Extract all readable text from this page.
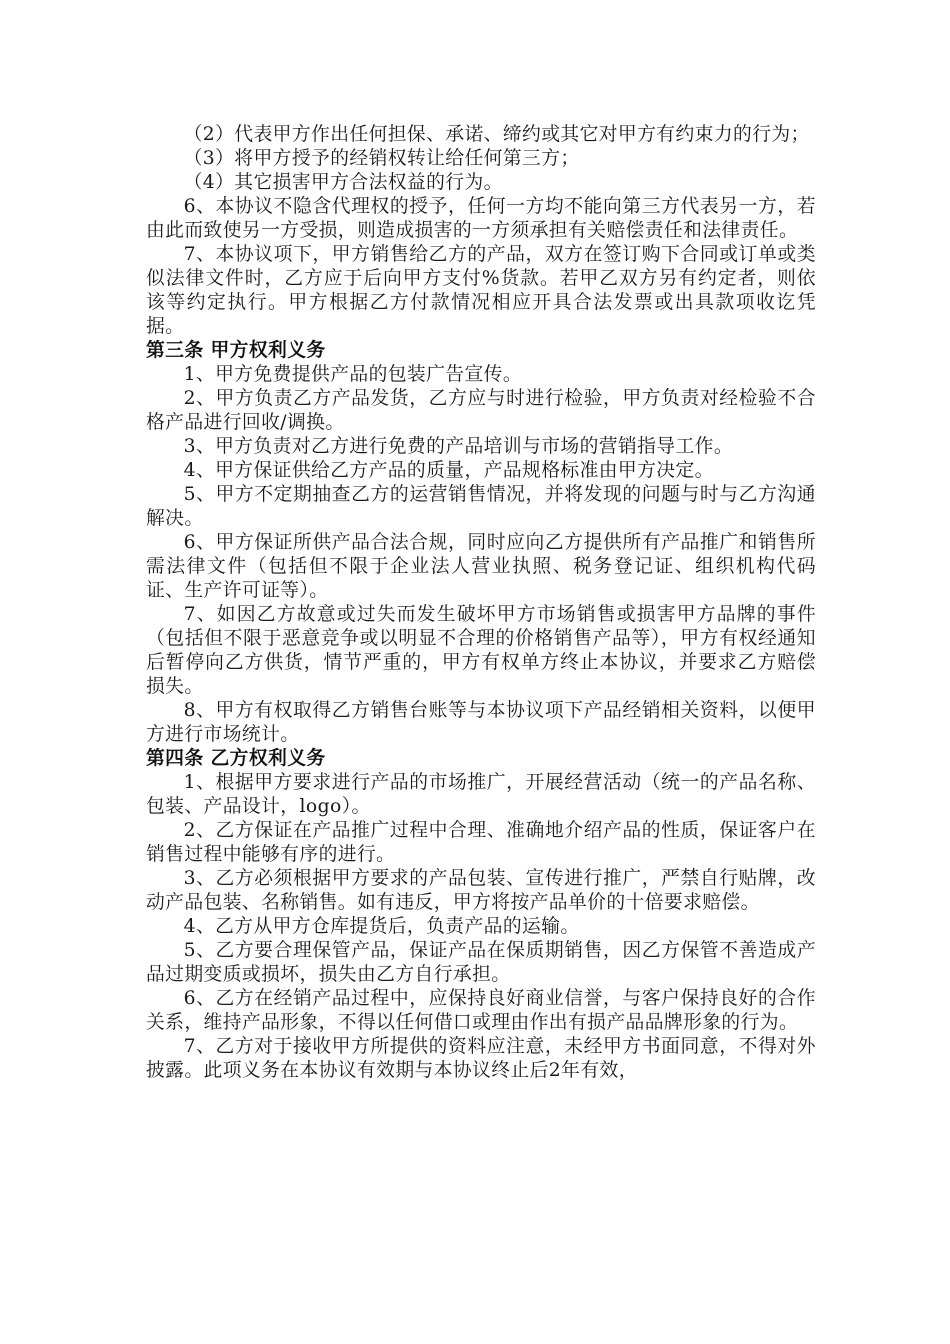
（2）代表甲方作出任何担保、承诺、缔约或其它对甲方有约束力的行为；

（3）将甲方授予的经销权转让给任何第三方；

（4）其它损害甲方合法权益的行为。

6、本协议不隐含代理权的授予，任何一方均不能向第三方代表另一方，若由此而致使另一方受损，则造成损害的一方须承担有关赔偿责任和法律责任。

7、本协议项下，甲方销售给乙方的产品，双方在签订购下合同或订单或类似法律文件时，乙方应于后向甲方支付%货款。若甲乙双方另有约定者，则依该等约定执行。甲方根据乙方付款情况相应开具合法发票或出具款项收讫凭据。

第三条 甲方权利义务

1、甲方免费提供产品的包装广告宣传。

2、甲方负责乙方产品发货，乙方应与时进行检验，甲方负责对经检验不合格产品进行回收/调换。

3、甲方负责对乙方进行免费的产品培训与市场的营销指导工作。

4、甲方保证供给乙方产品的质量，产品规格标准由甲方决定。

5、甲方不定期抽查乙方的运营销售情况，并将发现的问题与时与乙方沟通解决。

6、甲方保证所供产品合法合规，同时应向乙方提供所有产品推广和销售所需法律文件（包括但不限于企业法人营业执照、税务登记证、组织机构代码证、生产许可证等）。

7、如因乙方故意或过失而发生破坏甲方市场销售或损害甲方品牌的事件（包括但不限于恶意竞争或以明显不合理的价格销售产品等），甲方有权经通知后暂停向乙方供货，情节严重的，甲方有权单方终止本协议，并要求乙方赔偿损失。

8、甲方有权取得乙方销售台账等与本协议项下产品经销相关资料，以便甲方进行市场统计。

第四条 乙方权利义务

1、根据甲方要求进行产品的市场推广，开展经营活动（统一的产品名称、包装、产品设计，logo）。

2、乙方保证在产品推广过程中合理、准确地介绍产品的性质，保证客户在销售过程中能够有序的进行。

3、乙方必须根据甲方要求的产品包装、宣传进行推广，严禁自行贴牌，改动产品包装、名称销售。如有违反，甲方将按产品单价的十倍要求赔偿。

4、乙方从甲方仓库提货后，负责产品的运输。

5、乙方要合理保管产品，保证产品在保质期销售，因乙方保管不善造成产品过期变质或损坏，损失由乙方自行承担。

6、乙方在经销产品过程中，应保持良好商业信誉，与客户保持良好的合作关系，维持产品形象，不得以任何借口或理由作出有损产品品牌形象的行为。

7、乙方对于接收甲方所提供的资料应注意，未经甲方书面同意，不得对外披露。此项义务在本协议有效期与本协议终止后2年有效，
